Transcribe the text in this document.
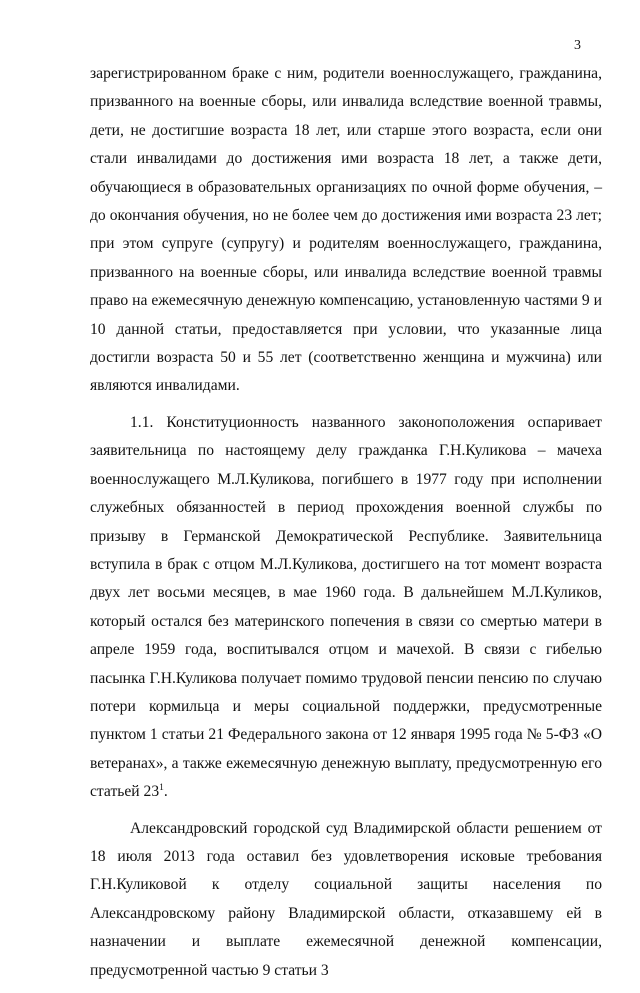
3

зарегистрированном браке с ним, родители военнослужащего, гражданина, призванного на военные сборы, или инвалида вследствие военной травмы, дети, не достигшие возраста 18 лет, или старше этого возраста, если они стали инвалидами до достижения ими возраста 18 лет, а также дети, обучающиеся в образовательных организациях по очной форме обучения, – до окончания обучения, но не более чем до достижения ими возраста 23 лет; при этом супруге (супругу) и родителям военнослужащего, гражданина, призванного на военные сборы, или инвалида вследствие военной травмы право на ежемесячную денежную компенсацию, установленную частями 9 и 10 данной статьи, предоставляется при условии, что указанные лица достигли возраста 50 и 55 лет (соответственно женщина и мужчина) или являются инвалидами.

1.1. Конституционность названного законоположения оспаривает заявительница по настоящему делу гражданка Г.Н.Куликова – мачеха военнослужащего М.Л.Куликова, погибшего в 1977 году при исполнении служебных обязанностей в период прохождения военной службы по призыву в Германской Демократической Республике. Заявительница вступила в брак с отцом М.Л.Куликова, достигшего на тот момент возраста двух лет восьми месяцев, в мае 1960 года. В дальнейшем М.Л.Куликов, который остался без материнского попечения в связи со смертью матери в апреле 1959 года, воспитывался отцом и мачехой. В связи с гибелью пасынка Г.Н.Куликова получает помимо трудовой пенсии пенсию по случаю потери кормильца и меры социальной поддержки, предусмотренные пунктом 1 статьи 21 Федерального закона от 12 января 1995 года № 5-ФЗ «О ветеранах», а также ежемесячную денежную выплату, предусмотренную его статьей $23^1$.

Александровский городской суд Владимирской области решением от 18 июля 2013 года оставил без удовлетворения исковые требования Г.Н.Куликовой к отделу социальной защиты населения по Александровскому району Владимирской области, отказавшему ей в назначении и выплате ежемесячной денежной компенсации, предусмотренной частью 9 статьи 3
